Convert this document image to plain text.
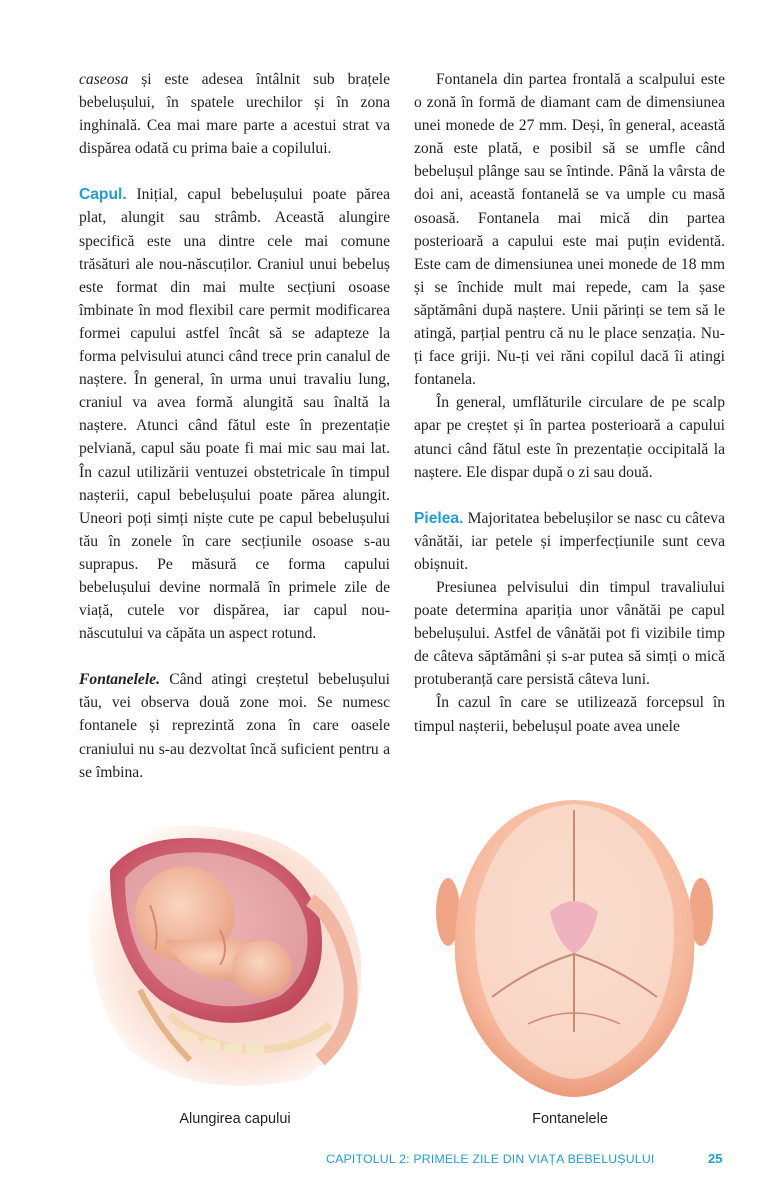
caseosa și este adesea întâlnit sub brațele bebelușului, în spatele urechilor și în zona inghinală. Cea mai mare parte a acestui strat va dispărea odată cu prima baie a copilului.

Capul. Inițial, capul bebelușului poate părea plat, alungit sau strâmb. Această alungire specifică este una dintre cele mai comune trăsături ale nou-născuților. Craniul unui bebeluș este format din mai multe secțiuni osoase îmbinate în mod flexibil care permit modificarea formei capului astfel încât să se adapteze la forma pelvisului atunci când trece prin canalul de naștere. În general, în urma unui travaliu lung, craniul va avea formă alungită sau înaltă la naștere. Atunci când fătul este în prezentație pelviană, capul său poate fi mai mic sau mai lat. În cazul utilizării ventuzei obstetricale în timpul nașterii, capul bebelușului poate părea alungit. Uneori poți simți niște cute pe capul bebelușului tău în zonele în care secțiunile osoase s-au suprapus. Pe măsură ce forma capului bebelușului devine normală în primele zile de viață, cutele vor dispărea, iar capul nou-născutului va căpăta un aspect rotund.

Fontanelele. Când atingi creștetul bebelușului tău, vei observa două zone moi. Se numesc fontanele și reprezintă zona în care oasele craniului nu s-au dezvoltat încă suficient pentru a se îmbina.

Fontanela din partea frontală a scalpului este o zonă în formă de diamant cam de dimensiunea unei monede de 27 mm. Deși, în general, această zonă este plată, e posibil să se umfle când bebelușul plânge sau se întinde. Până la vârsta de doi ani, această fontanelă se va umple cu masă osoasă. Fontanela mai mică din partea posterioară a capului este mai puțin evidentă. Este cam de dimensiunea unei monede de 18 mm și se închide mult mai repede, cam la șase săptămâni după naștere. Unii părinți se tem să le atingă, parțial pentru că nu le place senzația. Nu-ți face griji. Nu-ți vei răni copilul dacă îi atingi fontanela.

În general, umflăturile circulare de pe scalp apar pe creștet și în partea posterioară a capului atunci când fătul este în prezentație occipitală la naștere. Ele dispar după o zi sau două.

Pielea. Majoritatea bebelușilor se nasc cu câteva vânătăi, iar petele și imperfecțiunile sunt ceva obișnuit.

Presiunea pelvisului din timpul travaliului poate determina apariția unor vânătăi pe capul bebelușului. Astfel de vânătăi pot fi vizibile timp de câteva săptămâni și s-ar putea să simți o mică protuberanță care persistă câteva luni.

În cazul în care se utilizează forcepsul în timpul nașterii, bebelușul poate avea unele

Alungirea capului	Fontanelele
CAPITOLUL 2: PRIMELE ZILE DIN VIAȚA BEBELUȘULUI	25
